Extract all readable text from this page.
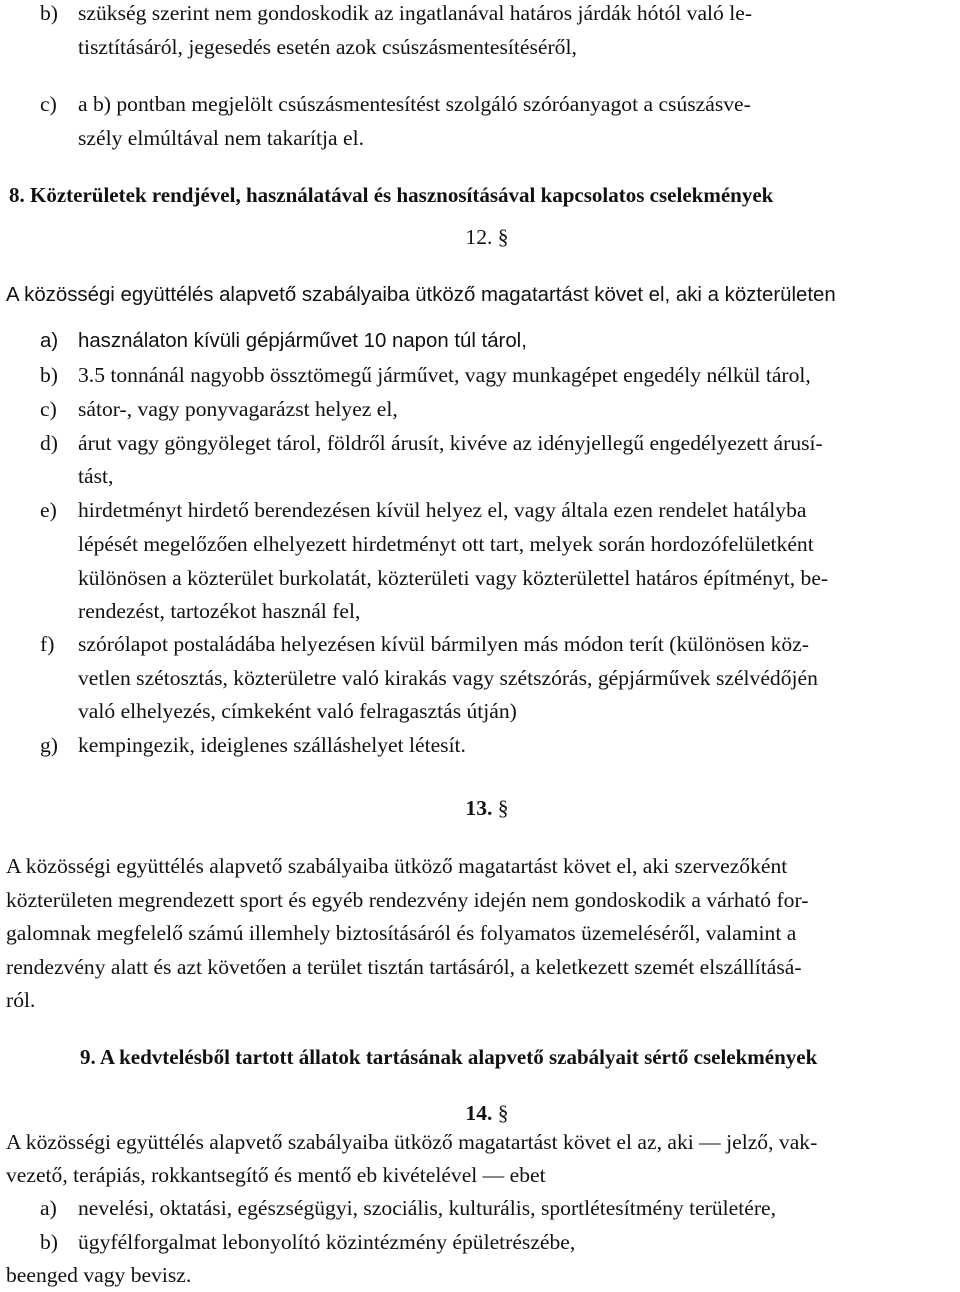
b) szükség szerint nem gondoskodik az ingatlanával határos járdák hótól való le-
tisztításáról, jegesedés esetén azok csúszásmentesítéséről,
c) a b) pontban megjelölt csúszásmentesítést szolgáló szóróanyagot a csúszásve-
szély elmúltával nem takarítja el.
8. Közterületek rendjével, használatával és hasznosításával kapcsolatos cselekmények
12. §
A közösségi együttélés alapvető szabályaiba ütköző magatartást követ el, aki a közterületen
a) használaton kívüli gépjárművet 10 napon túl tárol,
b) 3.5 tonnánál nagyobb össztömegű járművet, vagy munkagépet engedély nélkül tárol,
c) sátor-, vagy ponyvagarázst helyez el,
d) árut vagy göngyöleget tárol, földről árusít, kivéve az idényjellegű engedélyezett árusí-
tást,
e) hirdetményt hirdető berendezésen kívül helyez el, vagy általa ezen rendelet hatályba
lépését megelőzően elhelyezett hirdetményt ott tart, melyek során hordozófelületként
különösen a közterület burkolatát, közterületi vagy közterülettel határos építményt, be-
rendezést, tartozékot használ fel,
f) szórólapot postaládába helyezésen kívül bármilyen más módon terít (különösen köz-
vetlen szétosztás, közterületre való kirakás vagy szétszórás, gépjárművek szélvédőjén
való elhelyezés, címkeként való felragasztás útján)
g) kempingezik, ideiglenes szálláshelyet létesít.
13. §
A közösségi együttélés alapvető szabályaiba ütköző magatartást követ el, aki szervezőként
közterületen megrendezett sport és egyéb rendezvény idején nem gondoskodik a várható for-
galomnak megfelelő számú illemhely biztosításáról és folyamatos üzemeléséről, valamint a
rendezvény alatt és azt követően a terület tisztán tartásáról, a keletkezett szemét elszállításá-
ról.
9. A kedvtelésből tartott állatok tartásának alapvető szabályait sértő cselekmények
14. §
A közösségi együttélés alapvető szabályaiba ütköző magatartást követ el az, aki — jelző, vak-
vezető, terápiás, rokkantsegítő és mentő eb kivételével — ebet
a) nevelési, oktatási, egészségügyi, szociális, kulturális, sportlétesítmény területére,
b) ügyfélforgalmat lebonyolító közintézmény épületrészébe,
beenged vagy bevisz.
